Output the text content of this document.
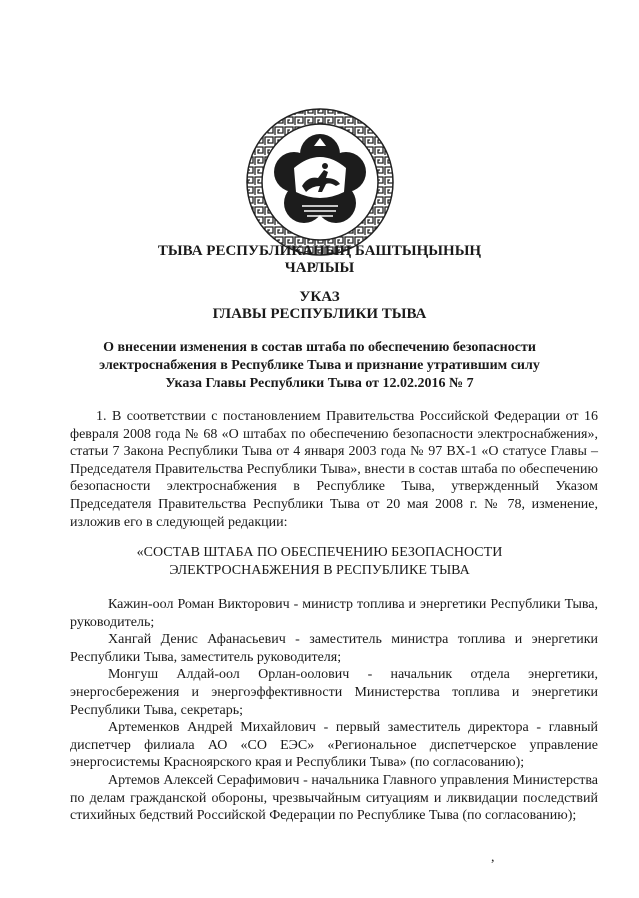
ТЫВА РЕСПУБЛИКАНЫҢ БАШТЫҢЫНЫҢ
ЧАРЛЫЫ
УКАЗ
ГЛАВЫ РЕСПУБЛИКИ ТЫВА
О внесении изменения в состав штаба по обеспечению безопасности
электроснабжения в Республике Тыва и признание утратившим силу
Указа Главы Республики Тыва от 12.02.2016 № 7
1. В соответствии с постановлением Правительства Российской Федерации от 16 февраля 2008 года № 68 «О штабах по обеспечению безопасности электроснабжения», статьи 7 Закона Республики Тыва от 4 января 2003 года № 97 ВХ-1 «О статусе Главы – Председателя Правительства Республики Тыва», внести в состав штаба по обеспечению безопасности электроснабжения в Республике Тыва, утвержденный Указом Председателя Правительства Республики Тыва от 20 мая 2008 г. № 78, изменение, изложив его в следующей редакции:
«СОСТАВ ШТАБА ПО ОБЕСПЕЧЕНИЮ БЕЗОПАСНОСТИ
ЭЛЕКТРОСНАБЖЕНИЯ В РЕСПУБЛИКЕ ТЫВА

Кажин-оол Роман Викторович - министр топлива и энергетики Республики Тыва, руководитель;

Хангай Денис Афанасьевич - заместитель министра топлива и энергетики Республики Тыва, заместитель руководителя;

Монгуш Алдай-оол Орлан-оолович - начальник отдела энергетики, энергосбережения и энергоэффективности Министерства топлива и энергетики Республики Тыва, секретарь;

Артеменков Андрей Михайлович - первый заместитель директора - главный диспетчер филиала АО «СО ЕЭС» «Региональное диспетчерское управление энергосистемы Красноярского края и Республики Тыва» (по согласованию);

Артемов Алексей Серафимович - начальника Главного управления Министерства по делам гражданской обороны, чрезвычайным ситуациям и ликвидации последствий стихийных бедствий Российской Федерации по Республике Тыва (по согласованию);

,
